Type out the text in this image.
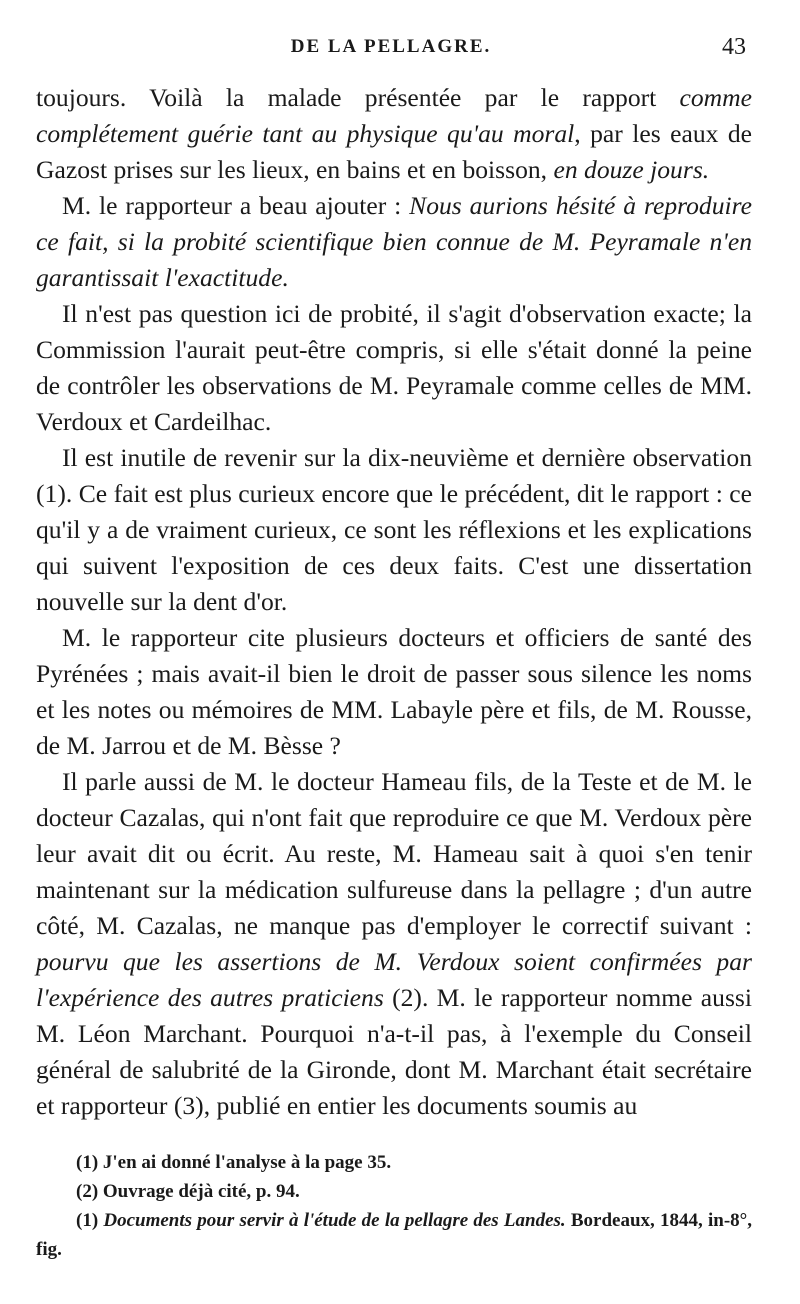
DE LA PELLAGRE.	43

toujours. Voilà la malade présentée par le rapport comme complétement guérie tant au physique qu'au moral, par les eaux de Gazost prises sur les lieux, en bains et en boisson, en douze jours.

M. le rapporteur a beau ajouter : Nous aurions hésité à reproduire ce fait, si la probité scientifique bien connue de M. Peyramale n'en garantissait l'exactitude.

Il n'est pas question ici de probité, il s'agit d'observation exacte; la Commission l'aurait peut-être compris, si elle s'était donné la peine de contrôler les observations de M. Peyramale comme celles de MM. Verdoux et Cardeilhac.

Il est inutile de revenir sur la dix-neuvième et dernière observation (1). Ce fait est plus curieux encore que le précédent, dit le rapport : ce qu'il y a de vraiment curieux, ce sont les réflexions et les explications qui suivent l'exposition de ces deux faits. C'est une dissertation nouvelle sur la dent d'or.

M. le rapporteur cite plusieurs docteurs et officiers de santé des Pyrénées ; mais avait-il bien le droit de passer sous silence les noms et les notes ou mémoires de MM. Labayle père et fils, de M. Rousse, de M. Jarrou et de M. Bèsse ?

Il parle aussi de M. le docteur Hameau fils, de la Teste et de M. le docteur Cazalas, qui n'ont fait que reproduire ce que M. Verdoux père leur avait dit ou écrit. Au reste, M. Hameau sait à quoi s'en tenir maintenant sur la médication sulfureuse dans la pellagre ; d'un autre côté, M. Cazalas, ne manque pas d'employer le correctif suivant : pourvu que les assertions de M. Verdoux soient confirmées par l'expérience des autres praticiens (2). M. le rapporteur nomme aussi M. Léon Marchant. Pourquoi n'a-t-il pas, à l'exemple du Conseil général de salubrité de la Gironde, dont M. Marchant était secrétaire et rapporteur (3), publié en entier les documents soumis au

(1) J'en ai donné l'analyse à la page 35.

(2) Ouvrage déjà cité, p. 94.

(1) Documents pour servir à l'étude de la pellagre des Landes. Bordeaux, 1844, in-8°, fig.
